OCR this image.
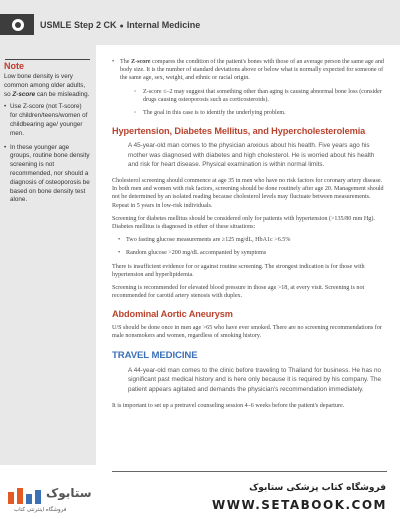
USMLE Step 2 CK ● Internal Medicine
Note
Low bone density is very common among older adults, so Z-score can be misleading.
• Use Z-score (not T-score) for children/teens/women of childbearing age/ younger men.
• In these younger age groups, routine bone density screening is not recommended, nor should a diagnosis of osteoporosis be based on bone density test alone.
• The Z-score compares the condition of the patient's bones with those of an average person the same age and body size. It is the number of standard deviations above or below what is normally expected for someone of the same age, sex, weight, and ethnic or racial origin.
◦ Z-score ≤–2 may suggest that something other than aging is causing abnormal bone loss (consider drugs causing osteoporosis such as corticosteroids).
◦ The goal in this case is to identify the underlying problem.
Hypertension, Diabetes Mellitus, and Hypercholesterolemia
A 45-year-old man comes to the physician anxious about his health. Five years ago his mother was diagnosed with diabetes and high cholesterol. He is worried about his health and risk for heart disease. Physical examination is within normal limits.

Cholesterol screening should commence at age 35 in men who have no risk factors for coronary artery disease. In both men and women with risk factors, screening should be done routinely after age 20. Management should not be determined by an isolated reading because cholesterol levels may fluctuate between measurements. Repeat in 5 years in low-risk individuals.

Screening for diabetes mellitus should be considered only for patients with hypertension (>135/80 mm Hg). Diabetes mellitus is diagnosed in either of these situations:

• Two fasting glucose measurements are ≥125 mg/dL, HbA1c >6.5%
• Random glucose >200 mg/dL accompanied by symptoms

There is insufficient evidence for or against routine screening. The strongest indication is for those with hypertension and hyperlipidemia.

Screening is recommended for elevated blood pressure in those age >18, at every visit. Screening is not recommended for carotid artery stenosis with duplex.

Abdominal Aortic Aneurysm

U/S should be done once in men age >65 who have ever smoked. There are no screening recommendations for male nonsmokers and women, regardless of smoking history.

TRAVEL MEDICINE
A 44-year-old man comes to the clinic before traveling to Thailand for business. He has no significant past medical history and is here only because it is required by his company. The patient appears agitated and demands the physician's recommendation immediately.

It is important to set up a pretravel counseling session 4–6 weeks before the patient's departure.

ستابوک
فروشگاه اینترنتی کتاب
فروشگاه کتاب پزشکی ستابوک
WWW.SETABOOK.COM
